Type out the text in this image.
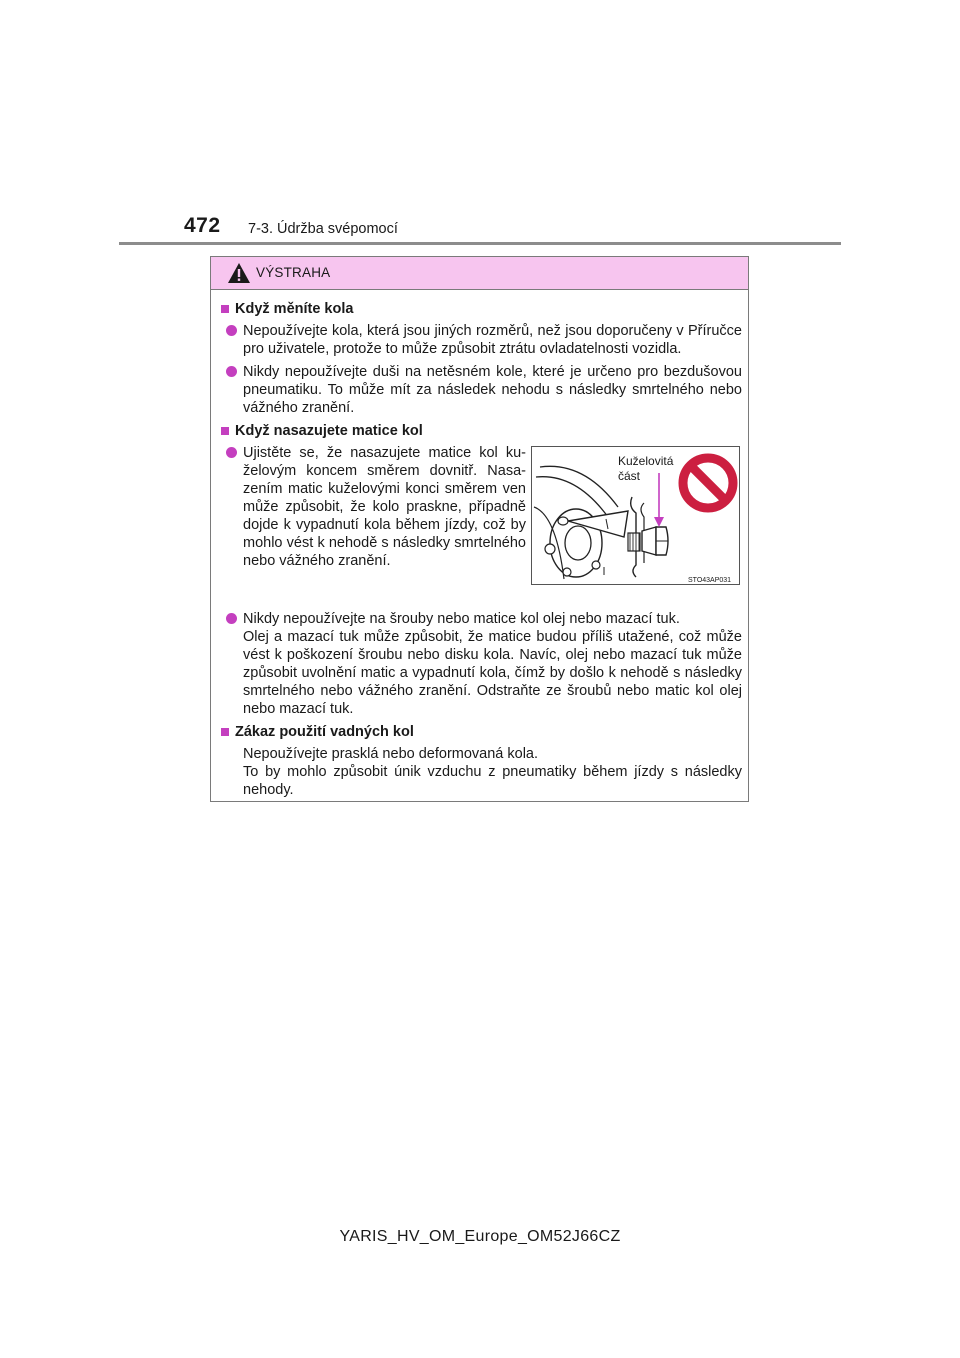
472 7-3. Údržba svépomocí
VÝSTRAHA
Když měníte kola
Nepoužívejte kola, která jsou jiných rozměrů, než jsou doporučeny v Příručce pro uživatele, protože to může způsobit ztrátu ovladatelnosti vozidla.
Nikdy nepoužívejte duši na netěsném kole, které je určeno pro bezdušovou pneumatiku. To může mít za následek nehodu s následky smrtelného nebo vážného zranění.
Když nasazujete matice kol
Ujistěte se, že nasazujete matice kol kuželovým koncem směrem dovnitř. Nasazením matic kuželovými konci směrem ven může způsobit, že kolo praskne, případně dojde k vypadnutí kola během jízdy, což by mohlo vést k nehodě s následky smrtelného nebo vážného zranění.
Kuželovitá
část
STO43AP031
Nikdy nepoužívejte na šrouby nebo matice kol olej nebo mazací tuk.
Olej a mazací tuk může způsobit, že matice budou příliš utažené, což může vést k poškození šroubu nebo disku kola. Navíc, olej nebo mazací tuk může způsobit uvolnění matic a vypadnutí kola, čímž by došlo k nehodě s následky smrtelného nebo vážného zranění. Odstraňte ze šroubů nebo matic kol olej nebo mazací tuk.
Zákaz použití vadných kol
Nepoužívejte prasklá nebo deformovaná kola.
To by mohlo způsobit únik vzduchu z pneumatiky během jízdy s následky nehody.
YARIS_HV_OM_Europe_OM52J66CZ
